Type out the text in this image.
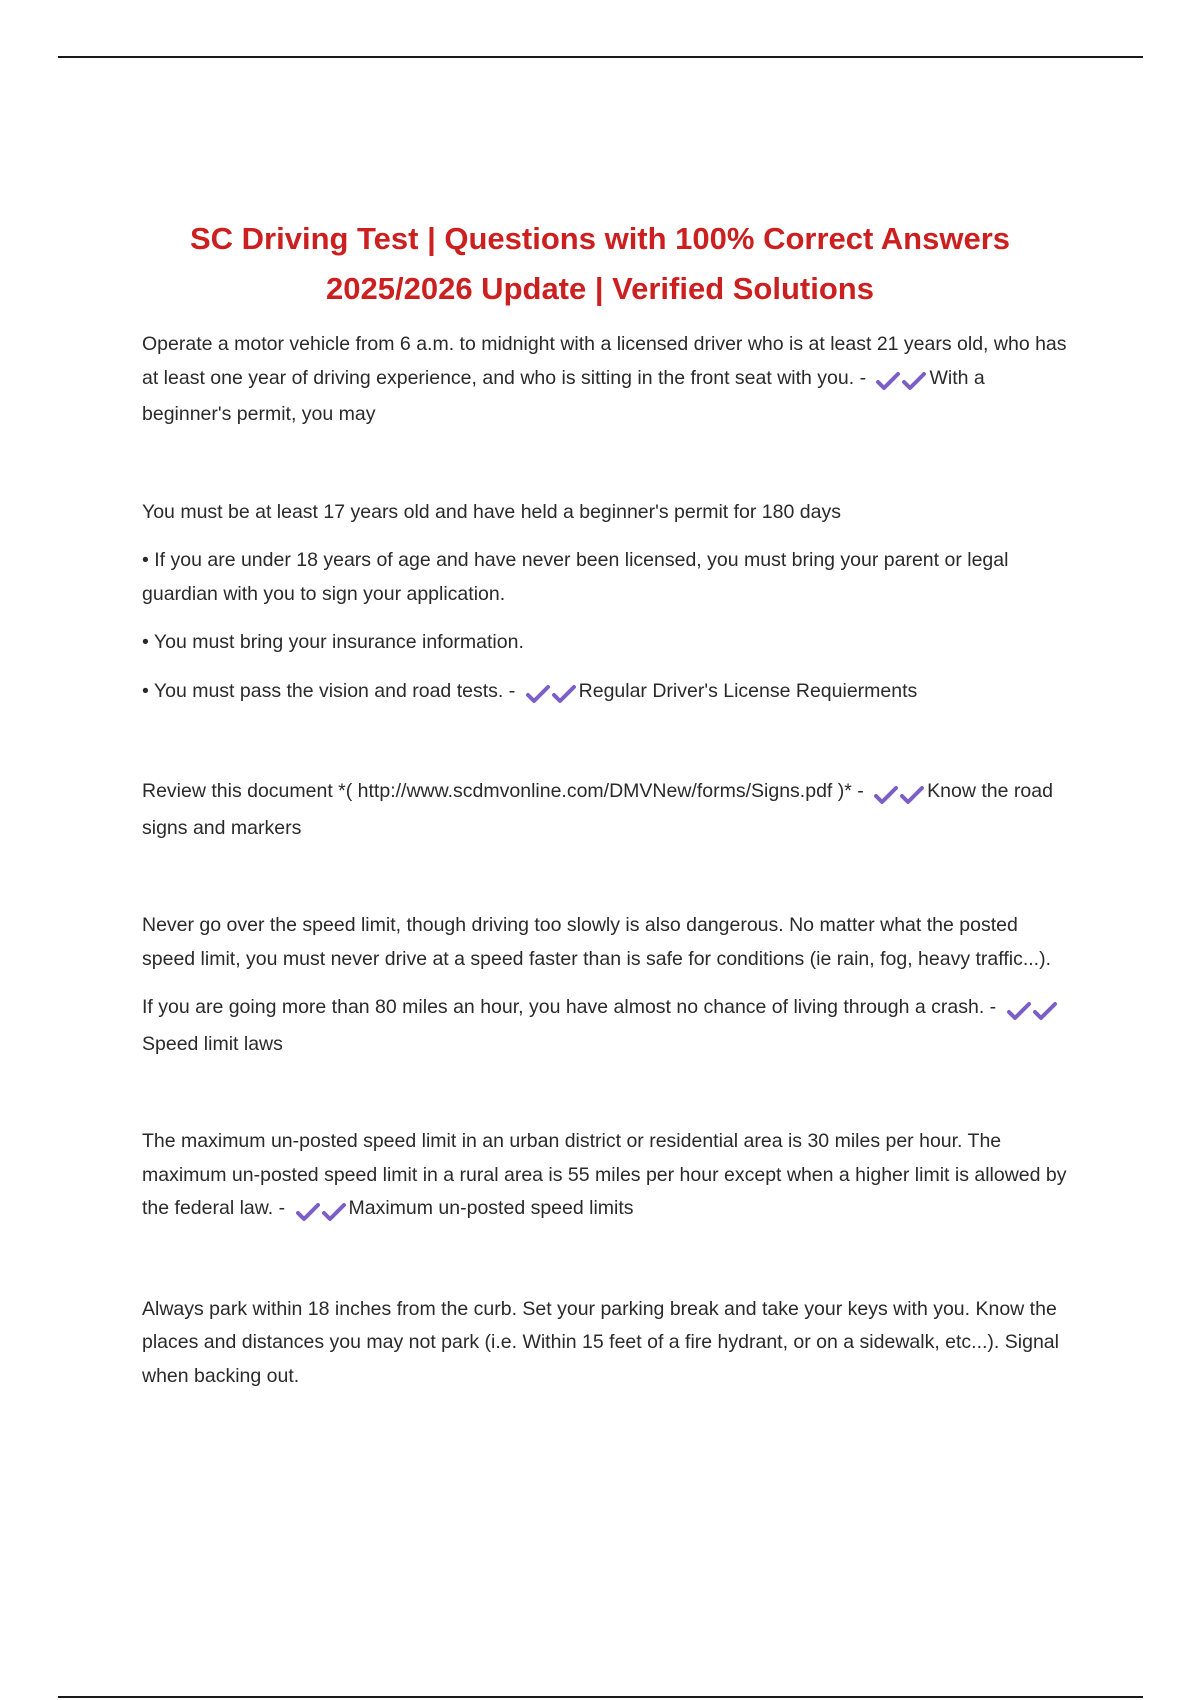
SC Driving Test | Questions with 100% Correct Answers
2025/2026 Update | Verified Solutions

Operate a motor vehicle from 6 a.m. to midnight with a licensed driver who is at least 21 years old, who has at least one year of driving experience, and who is sitting in the front seat with you. -	With a beginner's permit, you may

You must be at least 17 years old and have held a beginner's permit for 180 days

• If you are under 18 years of age and have never been licensed, you must bring your parent or legal guardian with you to sign your application.

• You must bring your insurance information.

• You must pass the vision and road tests. -	Regular Driver's License Requierments

Review this document *( http://www.scdmvonline.com/DMVNew/forms/Signs.pdf )* -	Know the road signs and markers

Never go over the speed limit, though driving too slowly is also dangerous. No matter what the posted speed limit, you must never drive at a speed faster than is safe for conditions (ie rain, fog, heavy traffic...).

If you are going more than 80 miles an hour, you have almost no chance of living through a crash. -
Speed limit laws

The maximum un-posted speed limit in an urban district or residential area is 30 miles per hour. The maximum un-posted speed limit in a rural area is 55 miles per hour except when a higher limit is allowed by the federal law. -	Maximum un-posted speed limits

Always park within 18 inches from the curb. Set your parking break and take your keys with you. Know the places and distances you may not park (i.e. Within 15 feet of a fire hydrant, or on a sidewalk, etc...). Signal when backing out.
